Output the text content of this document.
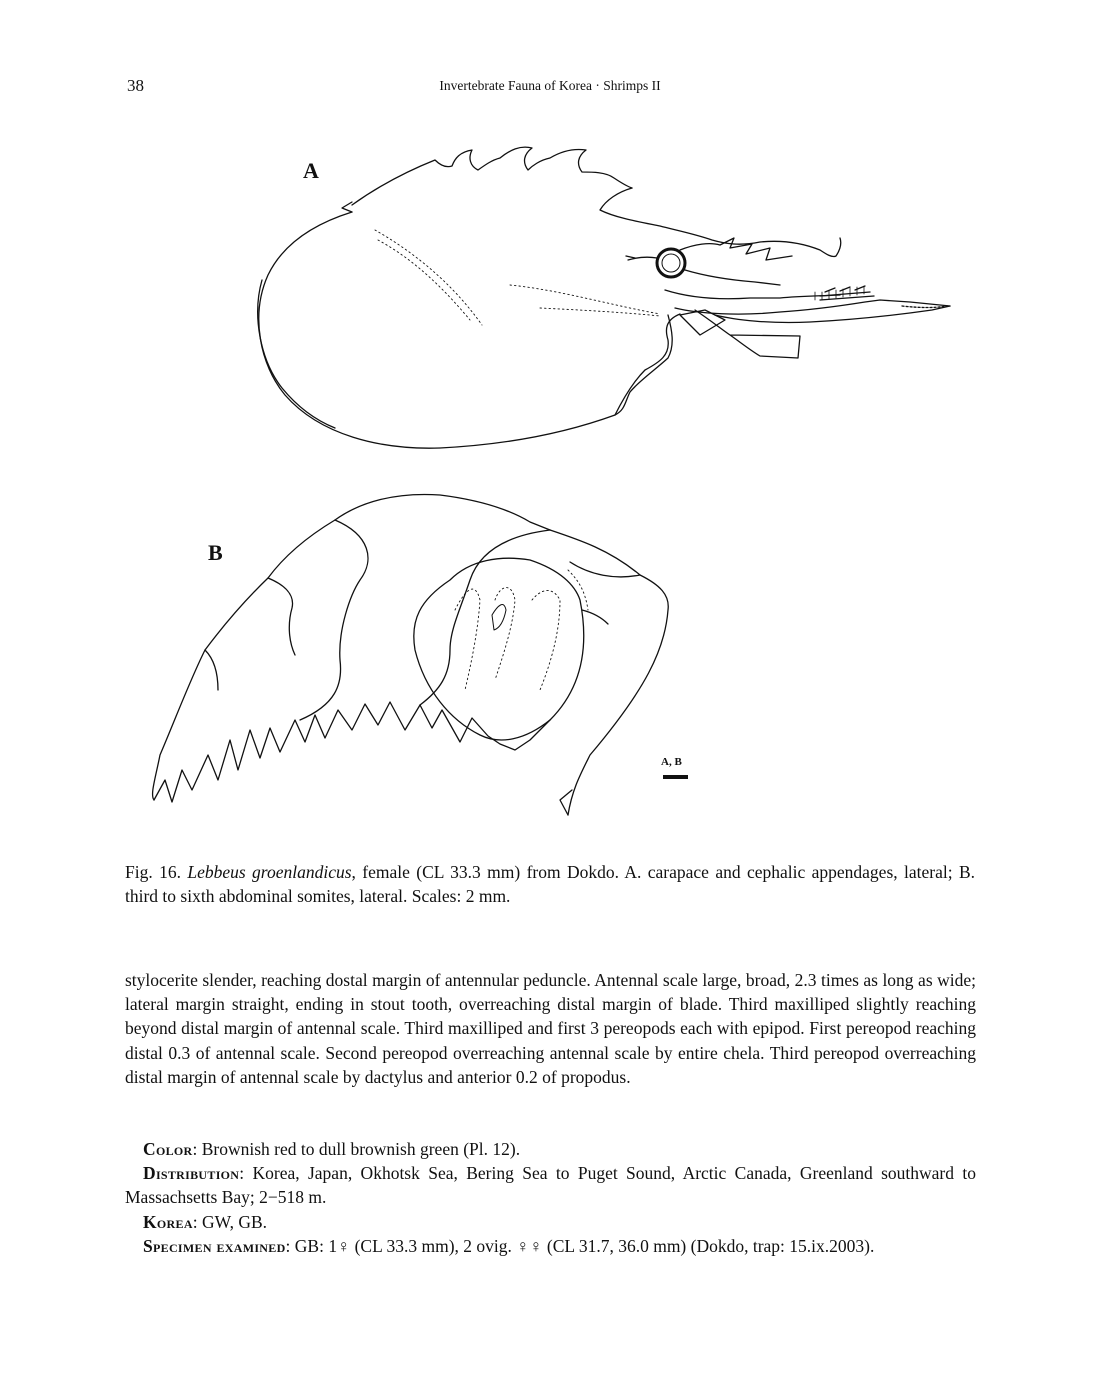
38	Invertebrate Fauna of Korea · Shrimps II
A
B
A, B
Fig. 16. Lebbeus groenlandicus, female (CL 33.3 mm) from Dokdo. A. carapace and cephalic appendages, lateral; B. third to sixth abdominal somites, lateral. Scales: 2 mm.

stylocerite slender, reaching dostal margin of antennular peduncle. Antennal scale large, broad, 2.3 times as long as wide; lateral margin straight, ending in stout tooth, overreaching distal margin of blade. Third maxilliped slightly reaching beyond distal margin of antennal scale. Third maxilliped and first 3 pereopods each with epipod. First pereopod reaching distal 0.3 of antennal scale. Second pereopod overreaching antennal scale by entire chela. Third pereopod overreaching distal margin of antennal scale by dactylus and anterior 0.2 of propodus.

Color: Brownish red to dull brownish green (Pl. 12).
Distribution: Korea, Japan, Okhotsk Sea, Bering Sea to Puget Sound, Arctic Canada, Greenland southward to Massachsetts Bay; 2−518 m.
Korea: GW, GB.
Specimen examined: GB: 1♀ (CL 33.3 mm), 2 ovig. ♀♀ (CL 31.7, 36.0 mm) (Dokdo, trap: 15.ix.2003).
